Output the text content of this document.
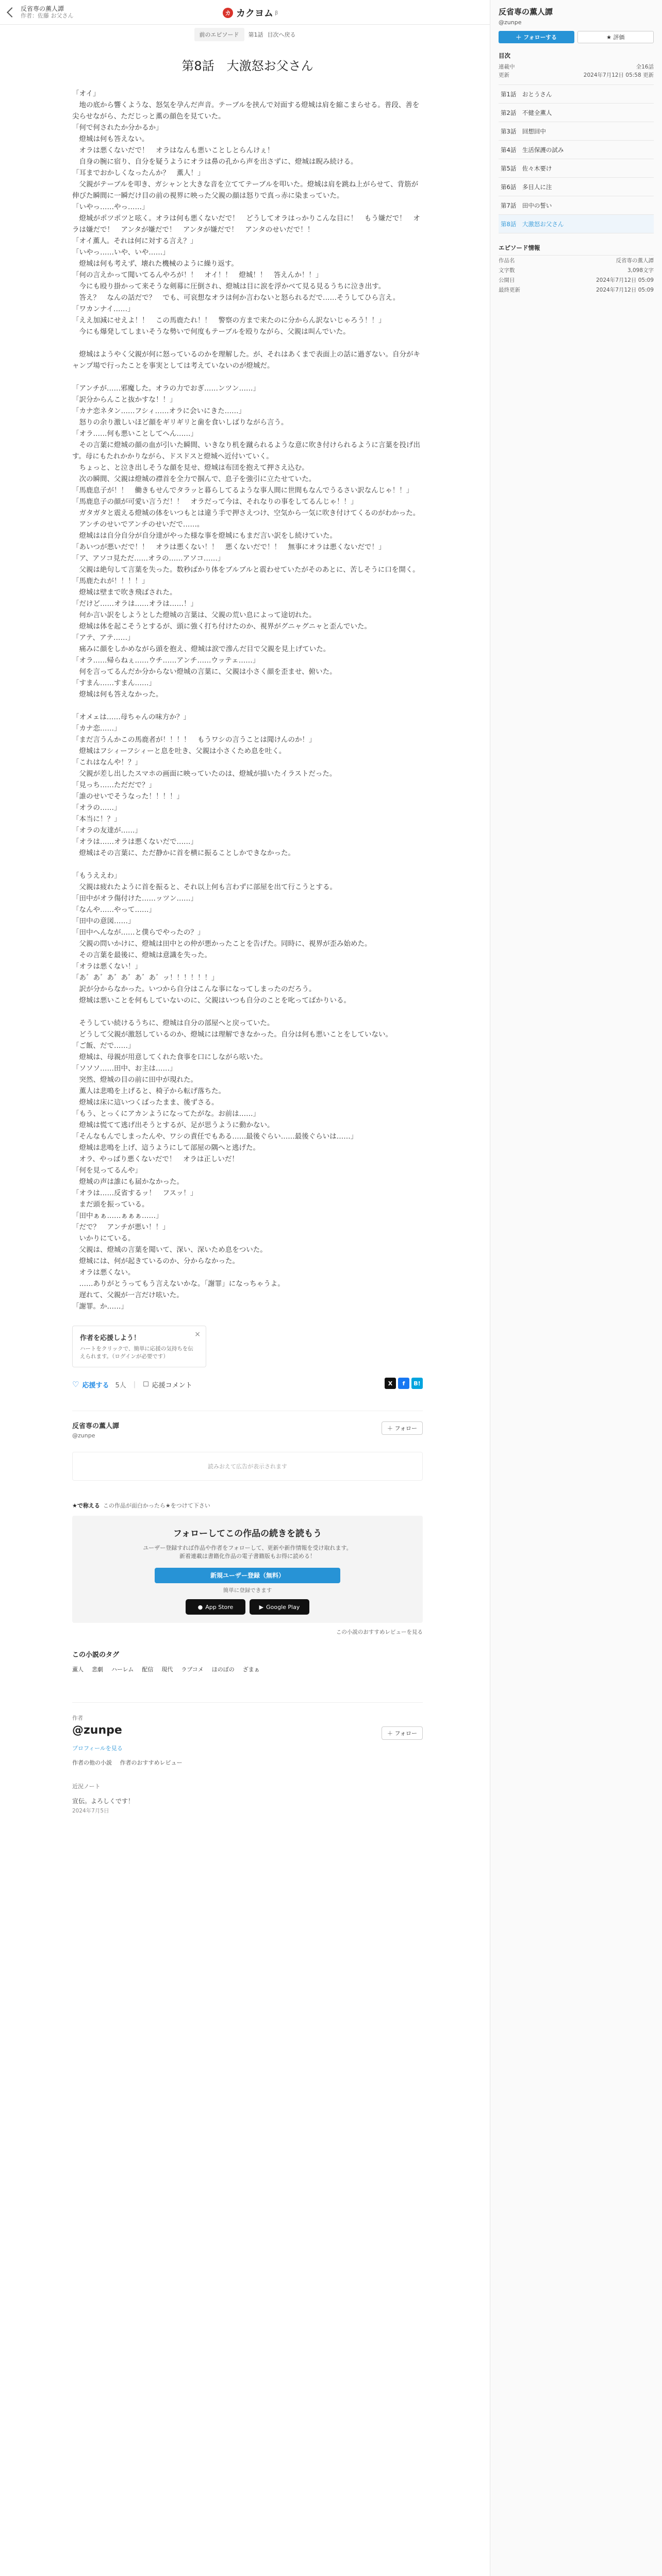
反省専の薫人譚
作者：佐藤 お父さん	カ カクヨム β
前のエピソード	第1話 目次へ戻る
第8話　大激怒お父さん

「オイ」

　地の底から響くような、怒気を孕んだ声音。テーブルを挟んで対面する燈城は肩を縮こまらせる。普段、善を尖らせながら、ただじっと薫の顔色を見ていた。

「何で何されたか分かるか」

　燈城は何も答えない。

　オラは悪くないだで！　オラはなんも悪いことしとらんけぇ！

　自身の腕に宿り、自分を疑うようにオラは鼻の孔から声を出さずに、燈城は睨み続ける。

「耳までおかしくなったんか？　薫人！」

　父親がテーブルを叩き、ガシャンと大きな音を立ててテーブルを叩いた。燈城は肩を跳ね上がらせて、背筋が伸びた瞬間に一瞬だけ目の前の視界に映った父親の顔は怒りで真っ赤に染まっていた。

「いやっ……やっ……」

　燈城がポツポツと呟く。オラは何も悪くないだで！　どうしてオラはっかりこんな目に！　もう嫌だで！　オラは嫌だで！　アンタが嫌だで！　アンタが嫌だで！　アンタのせいだで！！

「オイ薫人。それは何に対する言え？」

「いやっ……いや、いや……」

　燈城は何も考えず、壊れた機械のように繰り返す。

「何の言えかって聞いてるんやろが！！　オイ！！　燈城！！　答えんか！！」

　今にも殴り掛かって来そうな剣幕に圧倒され、燈城は目に涙を浮かべて見る見るうちに泣き出す。

　答え？　なんの話だで？　でも、可哀想なオラは何か言わないと怒られるだで……そうしてひら言え。

「ワカンナイ……」

「ええ加減にせえよ！！　この馬鹿たれ！！　警察の方まで来たのに分からん訳ないじゃろう！！」

　今にも爆発してしまいそうな勢いで何度もテーブルを殴りながら、父親は叫んでいた。

　燈城はようやく父親が何に怒っているのかを理解した。が、それはあくまで表面上の話に過ぎない。自分がキャンプ場で行ったことを事実としては考えていないのが燈城だ。

「アンチが……邪魔した。オラの力でおぎ……ンツン……」

「訳分からんこと抜かすな！！」

「カナ恋ネタン……フシィ……オラに会いにきた……」

　怒りの余り激しいほど顔をギリギリと歯を食いしばりながら言う。

「オラ……何も悪いことしてへん……」

　その言葉に燈城の顔の血が引いた瞬間、いきなり机を蹴られるような意に吹き付けられるように言葉を投げ出す。母にもたれかかりながら、ドスドスと燈城へ近付いていく。

　ちょっと、と泣き出しそうな顔を見せ、燈城は布団を抱えて押さえ込む。

　次の瞬間、父親は燈城の襟首を全力で掴んで、息子を強引に立たせていた。

「馬鹿息子が！！　働きもせんでタラッと暮らしてるような事人間に世間もなんでうるさい訳なんじゃ！！」

「馬鹿息子の顔が可愛い言うだ！！　オラだって今は、それなりの事をしてるんじゃ！！」

　ガタガタと震える燈城の体をいつもとは違う手で押さえつけ、空気から一気に吹き付けてくるのがわかった。

　アンチのせいでアンチのせいだで……。

　燈城はは自分自分が自分達がやった様な事を燈城にもまだ言い訳をし続けていた。

「あいつが悪いだで！！　オラは悪くない！！　悪くないだで！！　無事にオラは悪くないだで！」

「ア、アソコ見ただ……オラの……アソコ……」

　父親は絶句して言葉を失った。数秒ばかり体をブルブルと震わせていたがそのあとに、苦しそうに口を開く。

「馬鹿たれが！！！！」

　燈城は壁まで吹き飛ばされた。

「だけど……オラは……オラは……！」

　何か言い訳をしようとした燈城の言葉は、父親の荒い息によって途切れた。

　燈城は体を起こそうとするが、頭に強く打ち付けたのか、視界がグニャグニャと歪んでいた。

「アテ、アテ……」

　痛みに顔をしかめながら頭を抱え、燈城は涙で滲んだ目で父親を見上げていた。

「オラ……帰らねぇ……ウチ……アンチ……ウッテェ……」

　何を言ってるんだか分からない燈城の言葉に、父親は小さく顔を歪ませ、俯いた。

「すまん……すまん……」

　燈城は何も答えなかった。

「オメェは……母ちゃんの味方か？」

「カナ恋……」

「まだ言うんかこの馬鹿者が！！！！　もうワシの言うことは聞けんのか！」

　燈城はフシィーフシィーと息を吐き、父親は小さくため息を吐く。

「これはなんや！？」

　父親が差し出したスマホの画面に映っていたのは、燈城が描いたイラストだった。

「見っち……ただだで？」

「誰のせいでそうなった！！！！」

「オラの……」

「本当に！？」

「オラの友達が……」

「オラは……オラは悪くないだで……」

　燈城はその言葉に、ただ静かに首を横に振ることしかできなかった。

「もうええわ」

　父親は疲れたように首を振ると、それ以上何も言わずに部屋を出て行こうとする。

「田中がオラ傷付けた……ッツン……」

「なんや……やって……」

「田中の意図……」

「田中へんなが……と僕らでやったの？」

　父親の問いかけに、燈城は田中との仲が悪かったことを告げた。同時に、視界が歪み始めた。

　その言葉を最後に、燈城は意識を失った。

「オラは悪くない！」

「あ゛あ゛あ゛あ゛あ゛あ゛ッ！！！！！！」

　訳が分からなかった。いつから自分はこんな事になってしまったのだろう。

　燈城は悪いことを何もしていないのに、父親はいつも自分のことを叱ってばかりいる。

　そうしてい続けるうちに、燈城は自分の部屋へと戻っていた。

　どうして父親が激怒しているのか、燈城には理解できなかった。自分は何も悪いことをしていない。

「ご飯、だで……」

　燈城は、母親が用意してくれた食事を口にしながら呟いた。

「ソソソ……田中、お主は……」

　突然、燈城の目の前に田中が現れた。

　薫人は悲鳴を上げると、椅子から転げ落ちた。

　燈城は床に這いつくばったまま、後ずさる。

「もう、とっくにアカンようになってたがな。お前は……」

　燈城は慌てて逃げ出そうとするが、足が思うように動かない。

「そんなもんでしまったんや、ワシの責任でもある……最後ぐらい……最後ぐらいは……」

　燈城は悲鳴を上げ、這うようにして部屋の隅へと逃げた。

　オラ、やっぱり悪くないだで！　オラは正しいだ！

「何を見ってるんや」

　燈城の声は誰にも届かなかった。

「オラは……反省するッ！　フスッ！」

　まだ頭を振っている。

「田中ぁぁ……ぁぁぁ……」

「だで？　アンチが悪い！！」

　いかりにている。

　父親は、燈城の言葉を聞いて、深い、深いため息をついた。

　燈城には、何が起きているのか、分からなかった。

　オラは悪くない。

　……ありがとうってもう言えないかな。「謝罪」になっちゃうよ。

　遅れて、父親が一言だけ呟いた。

「謝罪。か……」

作者を応援しよう！
ハートをクリックで、簡単に応援の気持ちを伝えられます。（ログインが必要です）
×
♡ 応援する 5人 | ☐ 応援コメント	X	f	B!
反省専の薫人譚
@zunpe
＋ フォロー
読みおえて広告が表示されます
★で称える この作品が面白かったら★をつけて下さい
フォローしてこの作品の続きを読もう
ユーザー登録すれば作品や作者をフォローして、更新や新作情報を受け取れます。
新着連載は書籍化作品の電子書籍版もお得に読める！
新規ユーザー登録（無料）
簡単に登録できます
● App Store	▶ Google Play
この小説のおすすめレビューを見る
この小説のタグ
薫人 悲劇 ハーレム 配信 現代 ラブコメ ほのぼの ざまぁ
作者
@zunpe	＋ フォロー
プロフィールを見る
作者の他の小説 作者のおすすめレビュー
近況ノート
宣伝。よろしくです！
2024年7月5日
反省専の薫人譚
@zunpe
＋ フォローする	★ 評価
目次
連載中	全16話
更新	2024年7月12日 05:58 更新
第1話　おとうさん
第2話　不健全薫人
第3話　回想回中
第4話　生活保護の試み
第5話　佐々木要け
第6話　多目人に注
第7話　田中の誓い
第8話　大激怒お父さん
エピソード情報
作品名	反省専の薫人譚
文字数	3,098文字
公開日	2024年7月12日 05:09
最終更新	2024年7月12日 05:09
